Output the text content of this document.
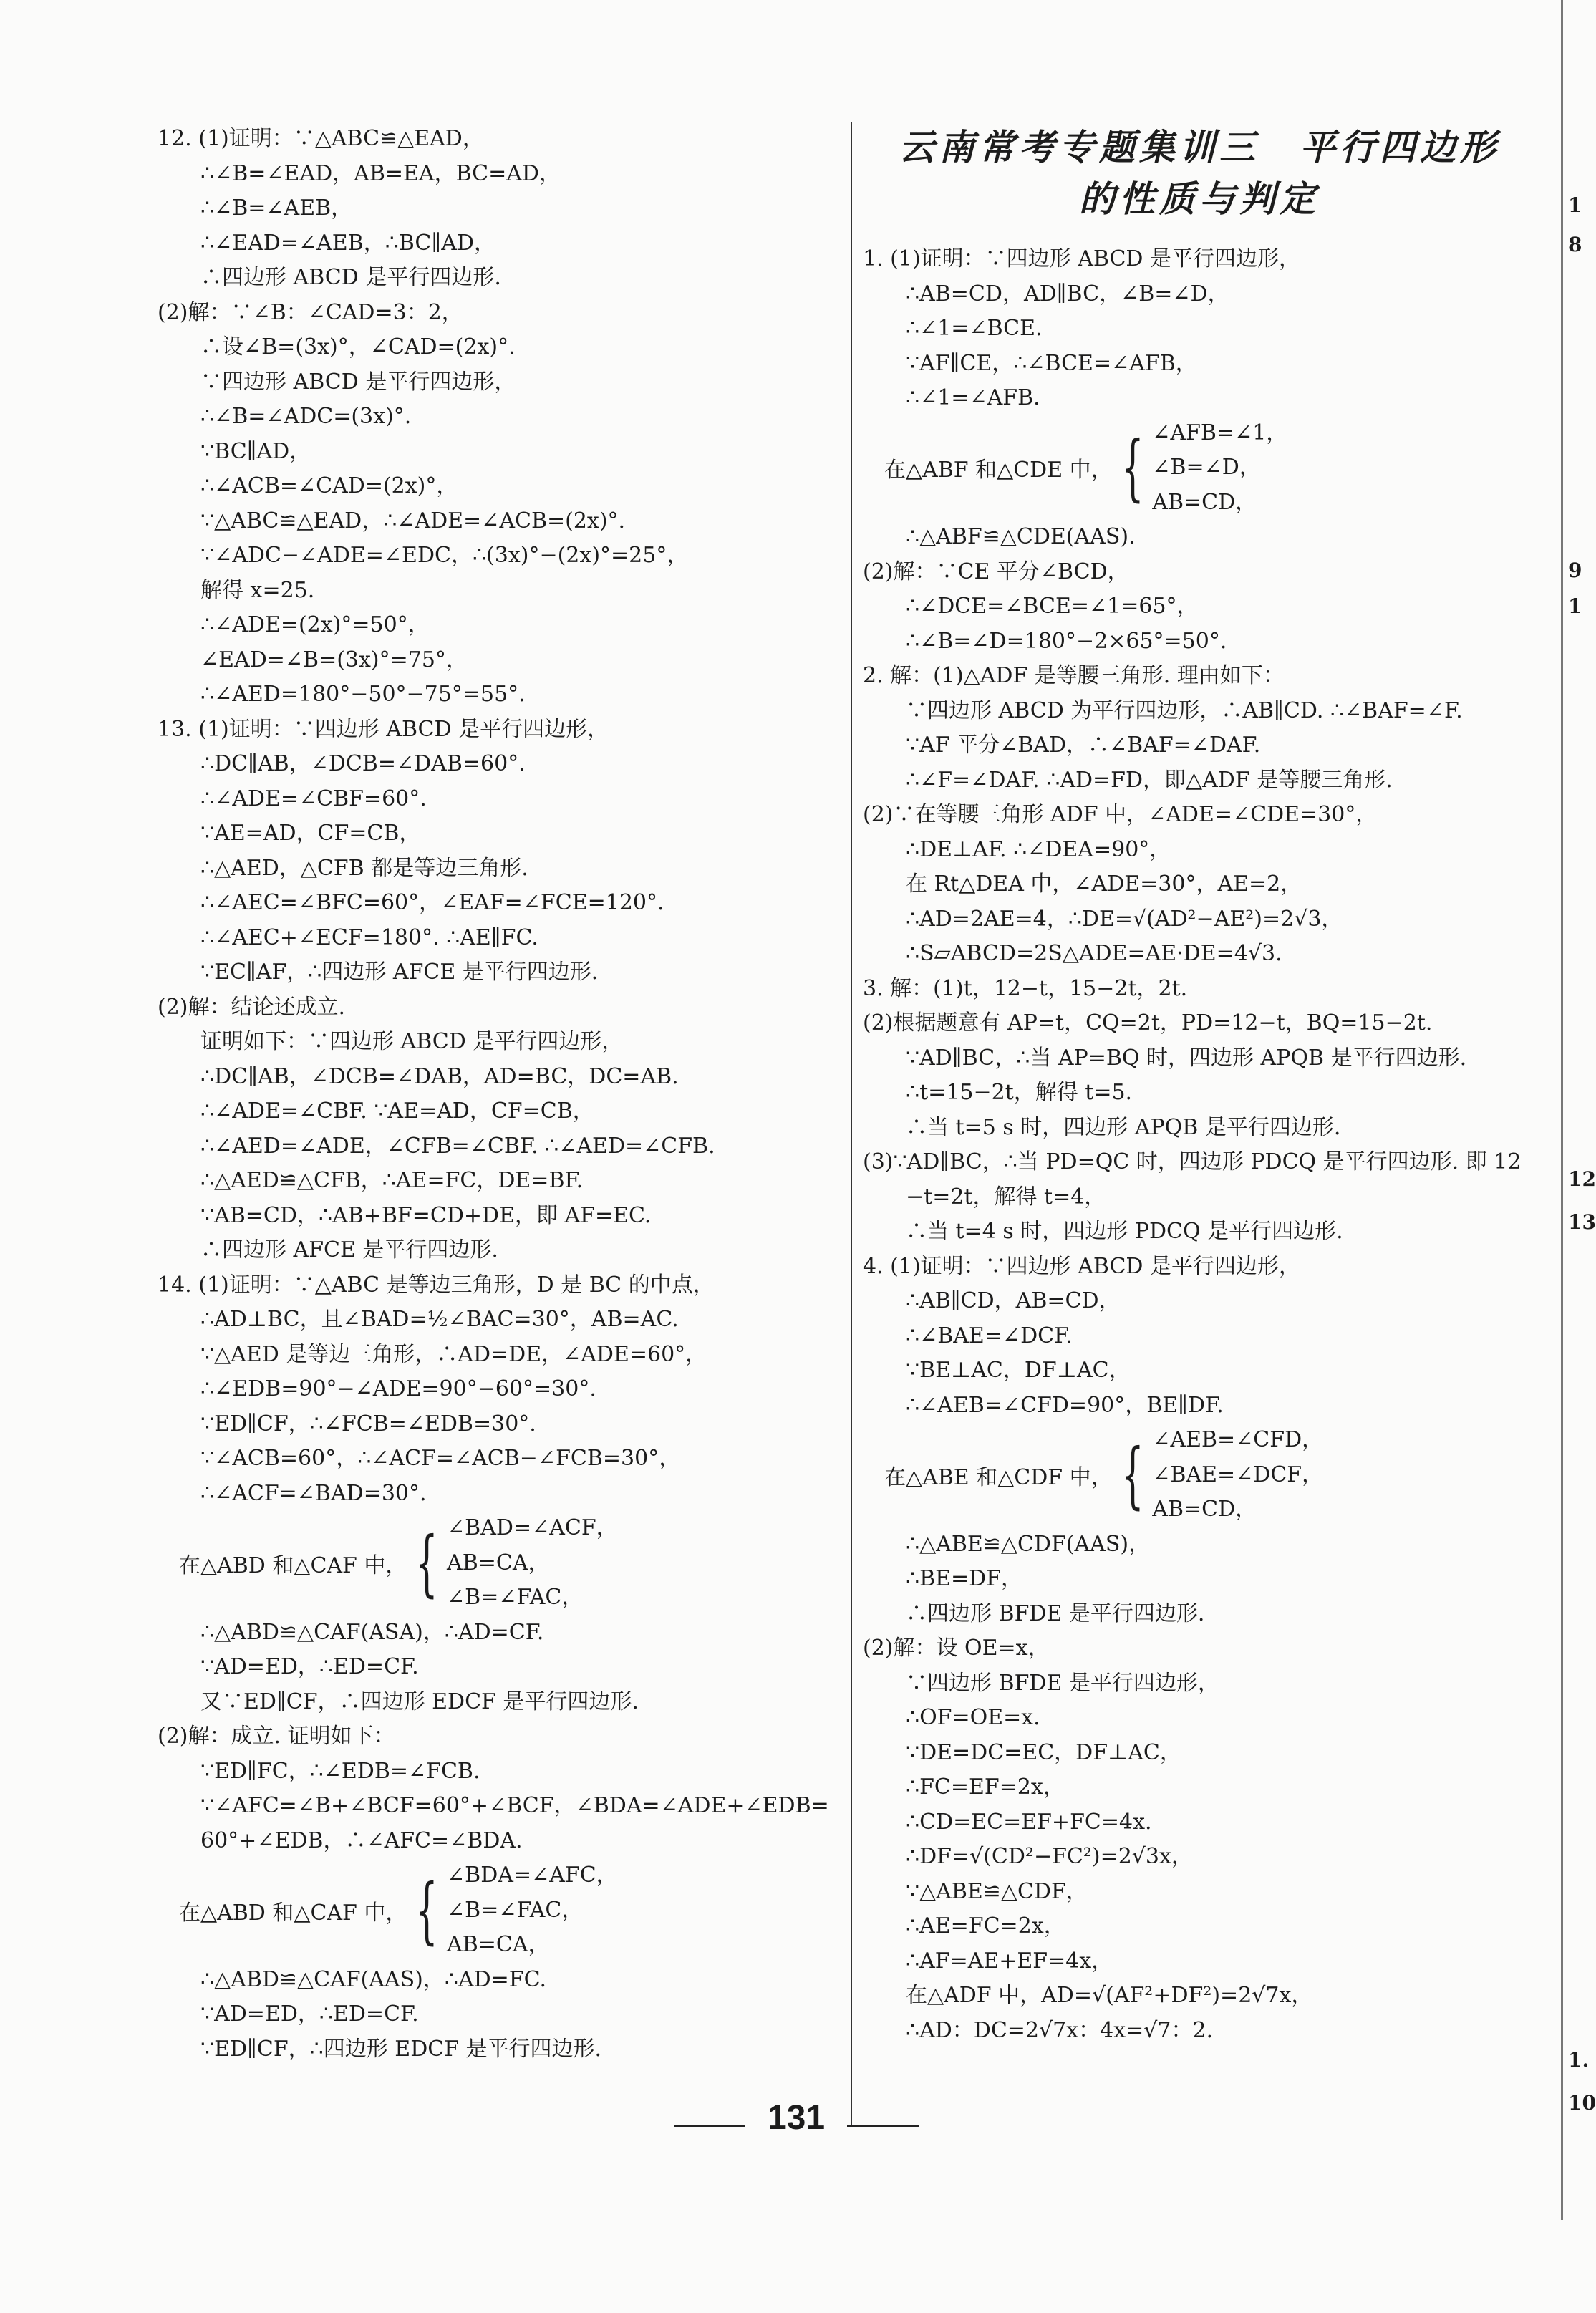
12. (1)证明：∵△ABC≌△EAD，
∴∠B=∠EAD，AB=EA，BC=AD，
∴∠B=∠AEB，
∴∠EAD=∠AEB，∴BC∥AD，
∴四边形 ABCD 是平行四边形.
(2)解：∵∠B：∠CAD=3：2，
∴设∠B=(3x)°，∠CAD=(2x)°.
∵四边形 ABCD 是平行四边形，
∴∠B=∠ADC=(3x)°.
∵BC∥AD，
∴∠ACB=∠CAD=(2x)°，
∵△ABC≌△EAD，∴∠ADE=∠ACB=(2x)°.
∵∠ADC−∠ADE=∠EDC，∴(3x)°−(2x)°=25°，
解得 x=25.
∴∠ADE=(2x)°=50°，
∠EAD=∠B=(3x)°=75°，
∴∠AED=180°−50°−75°=55°.
13. (1)证明：∵四边形 ABCD 是平行四边形，
∴DC∥AB，∠DCB=∠DAB=60°.
∴∠ADE=∠CBF=60°.
∵AE=AD，CF=CB，
∴△AED，△CFB 都是等边三角形.
∴∠AEC=∠BFC=60°，∠EAF=∠FCE=120°.
∴∠AEC+∠ECF=180°. ∴AE∥FC.
∵EC∥AF，∴四边形 AFCE 是平行四边形.
(2)解：结论还成立.
证明如下：∵四边形 ABCD 是平行四边形，
∴DC∥AB，∠DCB=∠DAB，AD=BC，DC=AB.
∴∠ADE=∠CBF. ∵AE=AD，CF=CB，
∴∠AED=∠ADE，∠CFB=∠CBF. ∴∠AED=∠CFB.
∴△AED≌△CFB，∴AE=FC，DE=BF.
∵AB=CD，∴AB+BF=CD+DE，即 AF=EC.
∴四边形 AFCE 是平行四边形.
14. (1)证明：∵△ABC 是等边三角形，D 是 BC 的中点，
∴AD⊥BC，且∠BAD=½∠BAC=30°，AB=AC.
∵△AED 是等边三角形，∴AD=DE，∠ADE=60°，
∴∠EDB=90°−∠ADE=90°−60°=30°.
∵ED∥CF，∴∠FCB=∠EDB=30°.
∵∠ACB=60°，∴∠ACF=∠ACB−∠FCB=30°，
∴∠ACF=∠BAD=30°.
在△ABD 和△CAF 中， { ∠BAD=∠ACF，
AB=CA，
∠B=∠FAC，
∴△ABD≌△CAF(ASA)，∴AD=CF.
∵AD=ED，∴ED=CF.
又∵ED∥CF，∴四边形 EDCF 是平行四边形.
(2)解：成立. 证明如下：
∵ED∥FC，∴∠EDB=∠FCB.
∵∠AFC=∠B+∠BCF=60°+∠BCF，∠BDA=∠ADE+∠EDB=
60°+∠EDB，∴∠AFC=∠BDA.
在△ABD 和△CAF 中， { ∠BDA=∠AFC，
∠B=∠FAC，
AB=CA，
∴△ABD≌△CAF(AAS)，∴AD=FC.
∵AD=ED，∴ED=CF.
∵ED∥CF，∴四边形 EDCF 是平行四边形.
云南常考专题集训三　平行四边形
的性质与判定
1. (1)证明：∵四边形 ABCD 是平行四边形，
∴AB=CD，AD∥BC，∠B=∠D，
∴∠1=∠BCE.
∵AF∥CE，∴∠BCE=∠AFB，
∴∠1=∠AFB.
在△ABF 和△CDE 中， { ∠AFB=∠1，
∠B=∠D，
AB=CD，
∴△ABF≌△CDE(AAS).
(2)解：∵CE 平分∠BCD，
∴∠DCE=∠BCE=∠1=65°，
∴∠B=∠D=180°−2×65°=50°.
2. 解：(1)△ADF 是等腰三角形. 理由如下：
∵四边形 ABCD 为平行四边形，∴AB∥CD. ∴∠BAF=∠F.
∵AF 平分∠BAD，∴∠BAF=∠DAF.
∴∠F=∠DAF. ∴AD=FD，即△ADF 是等腰三角形.
(2)∵在等腰三角形 ADF 中，∠ADE=∠CDE=30°，
∴DE⊥AF. ∴∠DEA=90°，
在 Rt△DEA 中，∠ADE=30°，AE=2，
∴AD=2AE=4，∴DE=√(AD²−AE²)=2√3，
∴S▱ABCD=2S△ADE=AE·DE=4√3.
3. 解：(1)t，12−t，15−2t，2t.
(2)根据题意有 AP=t，CQ=2t，PD=12−t，BQ=15−2t.
∵AD∥BC，∴当 AP=BQ 时，四边形 APQB 是平行四边形.
∴t=15−2t，解得 t=5.
∴当 t=5 s 时，四边形 APQB 是平行四边形.
(3)∵AD∥BC，∴当 PD=QC 时，四边形 PDCQ 是平行四边形. 即 12
−t=2t，解得 t=4，
∴当 t=4 s 时，四边形 PDCQ 是平行四边形.
4. (1)证明：∵四边形 ABCD 是平行四边形，
∴AB∥CD，AB=CD，
∴∠BAE=∠DCF.
∵BE⊥AC，DF⊥AC，
∴∠AEB=∠CFD=90°，BE∥DF.
在△ABE 和△CDF 中， { ∠AEB=∠CFD，
∠BAE=∠DCF，
AB=CD，
∴△ABE≌△CDF(AAS)，
∴BE=DF，
∴四边形 BFDE 是平行四边形.
(2)解：设 OE=x，
∵四边形 BFDE 是平行四边形，
∴OF=OE=x.
∵DE=DC=EC，DF⊥AC，
∴FC=EF=2x，
∴CD=EC=EF+FC=4x.
∴DF=√(CD²−FC²)=2√3x，
∵△ABE≌△CDF，
∴AE=FC=2x，
∴AF=AE+EF=4x，
在△ADF 中，AD=√(AF²+DF²)=2√7x，
∴AD：DC=2√7x：4x=√7：2.
1
8
9
1
12
13
1.
10
131
